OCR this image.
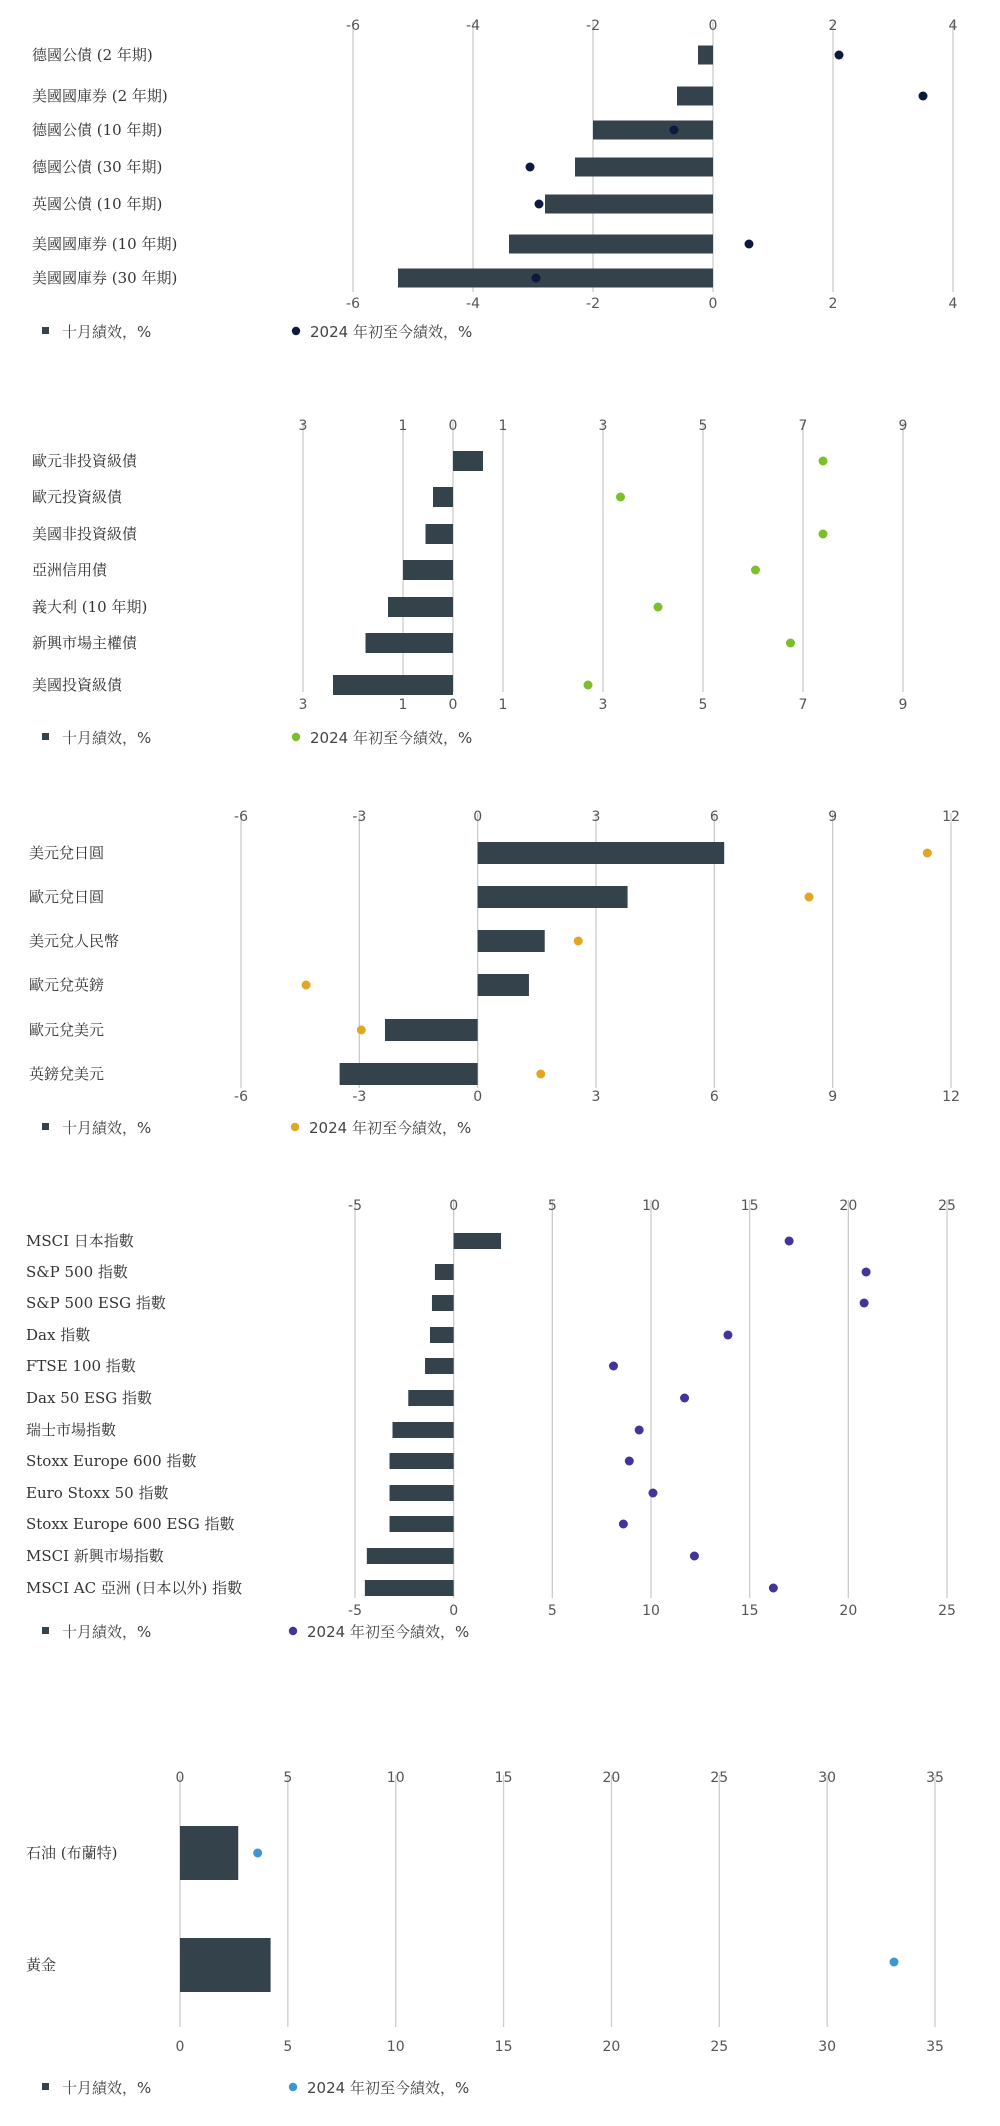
-6
-6
-4
-4
-2
-2
0
0
2
2
4
4
德國公債 (2 年期)
美國國庫券 (2 年期)
德國公債 (10 年期)
德國公債 (30 年期)
英國公債 (10 年期)
美國國庫券 (10 年期)
美國國庫券 (30 年期)
十月績效，%	2024 年初至今績效，%
3
3
1
1
0
0
1
1
3
3
5
5
7
7
9
9
歐元非投資級債
歐元投資級債
美國非投資級債
亞洲信用債
義大利 (10 年期)
新興市場主權債
美國投資級債
十月績效，%	2024 年初至今績效，%
-6
-6
-3
-3
0
0
3
3
6
6
9
9
12
12
美元兌日圓
歐元兌日圓
美元兌人民幣
歐元兌英鎊
歐元兌美元
英鎊兌美元
十月績效，%	2024 年初至今績效，%
-5
-5
0
0
5
5
10
10
15
15
20
20
25
25
MSCI 日本指數
S&P 500 指數
S&P 500 ESG 指數
Dax 指數
FTSE 100 指數
Dax 50 ESG 指數
瑞士市場指數
Stoxx Europe 600 指數
Euro Stoxx 50 指數
Stoxx Europe 600 ESG 指數
MSCI 新興市場指數
MSCI AC 亞洲 (日本以外) 指數
十月績效，%	2024 年初至今績效，%
0
0
5
5
10
10
15
15
20
20
25
25
30
30
35
35
石油 (布蘭特)
黃金
十月績效，%	2024 年初至今績效，%
